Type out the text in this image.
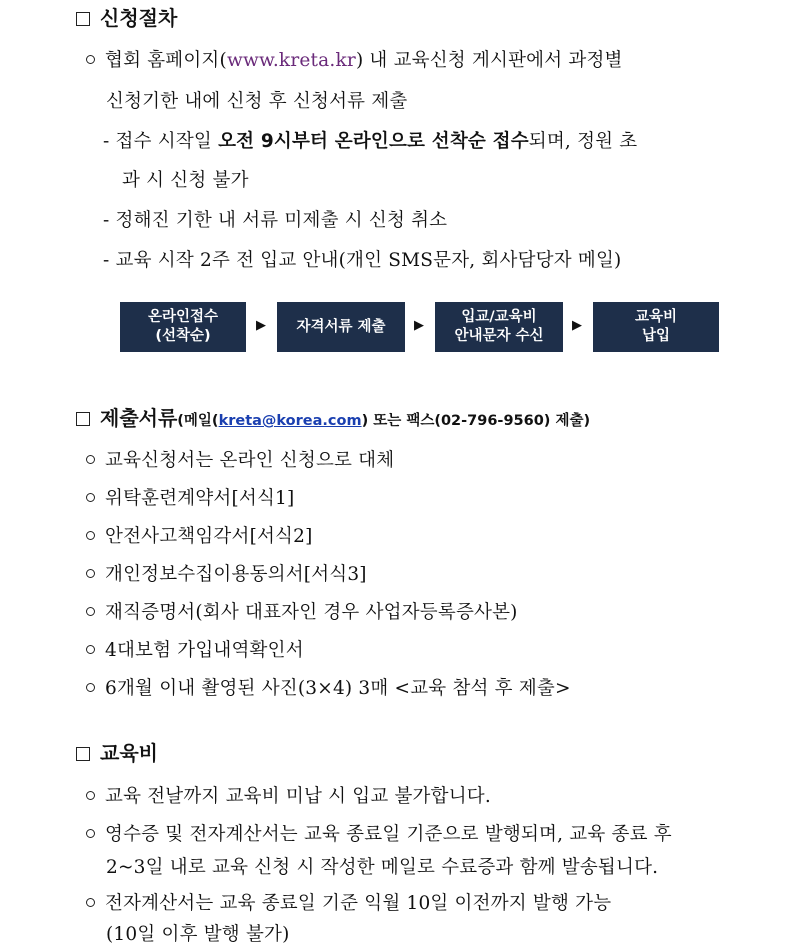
신청절차
협회 홈페이지(www.kreta.kr) 내 교육신청 게시판에서 과정별
신청기한 내에 신청 후 신청서류 제출
- 접수 시작일 오전 9시부터 온라인으로 선착순 접수되며, 정원 초
과 시 신청 불가
- 정해진 기한 내 서류 미제출 시 신청 취소
- 교육 시작 2주 전 입교 안내(개인 SMS문자, 회사담당자 메일)
온라인접수
(선착순)
▶ 자격서류 제출 ▶
입교/교육비
안내문자 수신
▶
교육비
납입
제출서류(메일(kreta@korea.com) 또는 팩스(02-796-9560) 제출)
교육신청서는 온라인 신청으로 대체
위탁훈련계약서[서식1]
안전사고책임각서[서식2]
개인정보수집이용동의서[서식3]
재직증명서(회사 대표자인 경우 사업자등록증사본)
4대보험 가입내역확인서
6개월 이내 촬영된 사진(3×4) 3매 <교육 참석 후 제출>
교육비
교육 전날까지 교육비 미납 시 입교 불가합니다.
영수증 및 전자계산서는 교육 종료일 기준으로 발행되며, 교육 종료 후
2~3일 내로 교육 신청 시 작성한 메일로 수료증과 함께 발송됩니다.
전자계산서는 교육 종료일 기준 익월 10일 이전까지 발행 가능
(10일 이후 발행 불가)
